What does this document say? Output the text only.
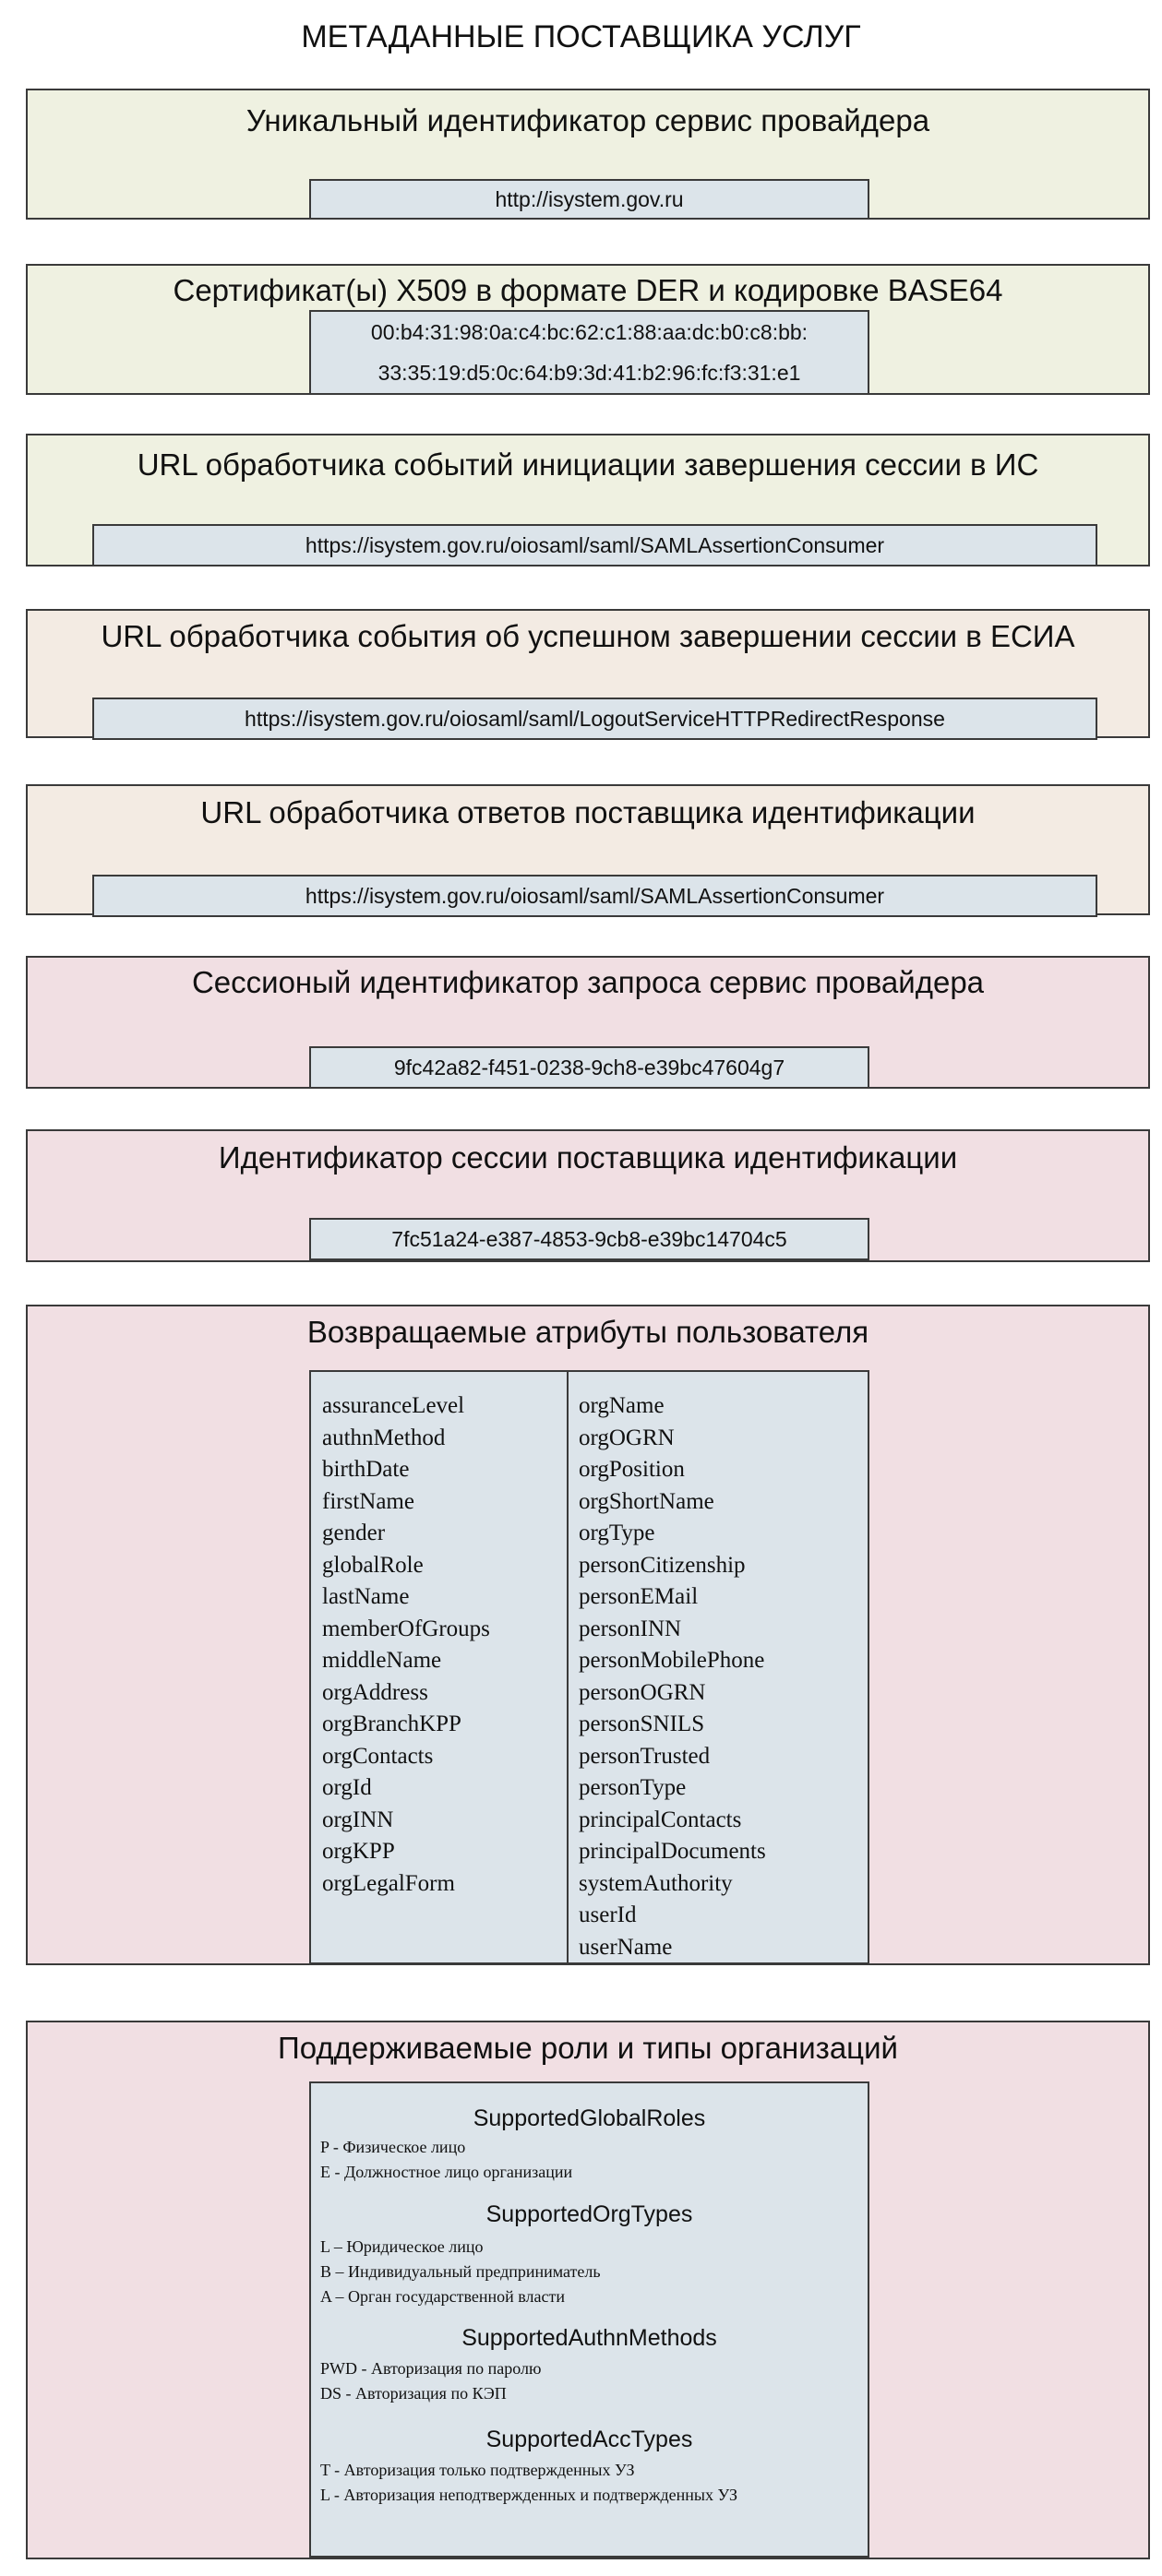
МЕТАДАННЫЕ ПОСТАВЩИКА УСЛУГ
Уникальный идентификатор сервис провайдера
http://isystem.gov.ru
Сертификат(ы) X509 в формате DER и кодировке BASE64
00:b4:31:98:0a:c4:bc:62:c1:88:aa:dc:b0:c8:bb:
33:35:19:d5:0c:64:b9:3d:41:b2:96:fc:f3:31:e1
URL обработчика событий инициации завершения сессии в ИС
https://isystem.gov.ru/oiosaml/saml/SAMLAssertionConsumer
URL обработчика события об успешном завершении сессии в ЕСИА
https://isystem.gov.ru/oiosaml/saml/LogoutServiceHTTPRedirectResponse
URL обработчика ответов поставщика идентификации
https://isystem.gov.ru/oiosaml/saml/SAMLAssertionConsumer
Сессионый идентификатор запроса сервис провайдера
9fc42a82-f451-0238-9ch8-e39bc47604g7
Идентификатор сессии поставщика идентификации
7fc51a24-e387-4853-9cb8-e39bc14704c5
Возвращаемые атрибуты пользователя
assuranceLevel
authnMethod
birthDate
firstName
gender
globalRole
lastName
memberOfGroups
middleName
orgAddress
orgBranchKPP
orgContacts
orgId
orgINN
orgKPP
orgLegalForm
orgName
orgOGRN
orgPosition
orgShortName
orgType
personCitizenship
personEMail
personINN
personMobilePhone
personOGRN
personSNILS
personTrusted
personType
principalContacts
principalDocuments
systemAuthority
userId
userName
Поддерживаемые роли и типы организаций
SupportedGlobalRoles
P - Физическое лицо
E - Должностное лицо организации
SupportedOrgTypes
L – Юридическое лицо
B – Индивидуальный предприниматель
A – Орган государственной власти
SupportedAuthnMethods
PWD - Авторизация по паролю
DS - Авторизация по КЭП
SupportedAccTypes
T - Авторизация только подтвержденных УЗ
L - Авторизация неподтвержденных и подтвержденных УЗ
